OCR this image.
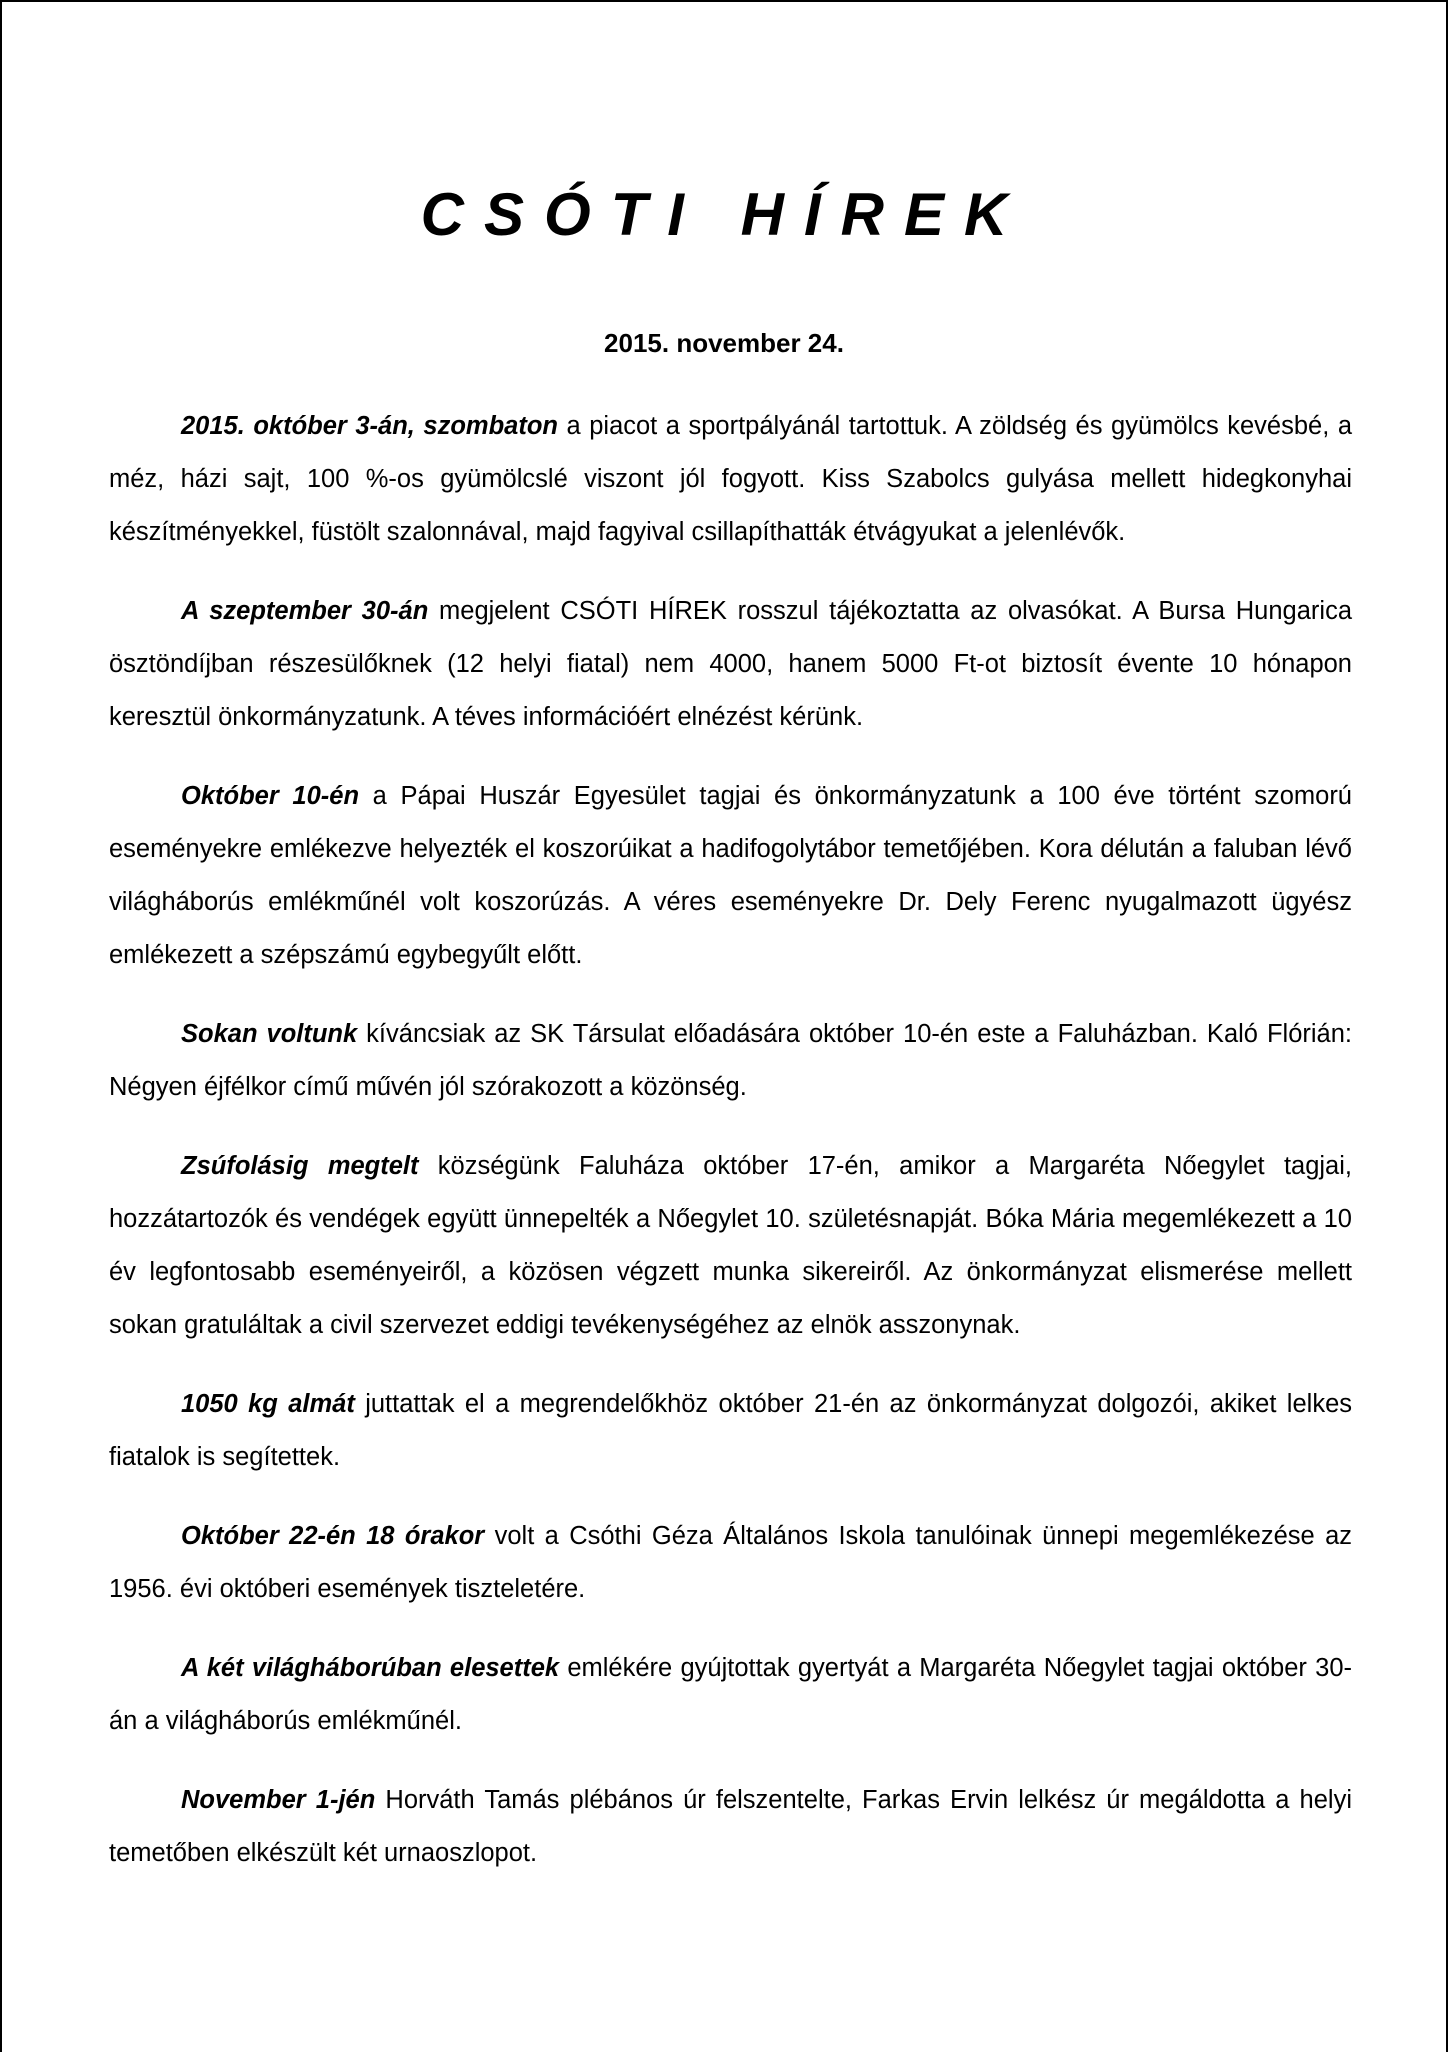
CSÓTI HÍREK
2015. november 24.

2015. október 3-án, szombaton a piacot a sportpályánál tartottuk. A zöldség és gyümölcs kevésbé, a méz, házi sajt, 100 %-os gyümölcslé viszont jól fogyott. Kiss Szabolcs gulyása mellett hidegkonyhai készítményekkel, füstölt szalonnával, majd fagyival csillapíthatták étvágyukat a jelenlévők.

A szeptember 30-án megjelent CSÓTI HÍREK rosszul tájékoztatta az olvasókat. A Bursa Hungarica ösztöndíjban részesülőknek (12 helyi fiatal) nem 4000, hanem 5000 Ft-ot biztosít évente 10 hónapon keresztül önkormányzatunk. A téves információért elnézést kérünk.

Október 10-én a Pápai Huszár Egyesület tagjai és önkormányzatunk a 100 éve történt szomorú eseményekre emlékezve helyezték el koszorúikat a hadifogolytábor temetőjében. Kora délután a faluban lévő világháborús emlékműnél volt koszorúzás. A véres eseményekre Dr. Dely Ferenc nyugalmazott ügyész emlékezett a szépszámú egybegyűlt előtt.

Sokan voltunk kíváncsiak az SK Társulat előadására október 10-én este a Faluházban. Kaló Flórián: Négyen éjfélkor című művén jól szórakozott a közönség.

Zsúfolásig megtelt községünk Faluháza október 17-én, amikor a Margaréta Nőegylet tagjai, hozzátartozók és vendégek együtt ünnepelték a Nőegylet 10. születésnapját. Bóka Mária megemlékezett a 10 év legfontosabb eseményeiről, a közösen végzett munka sikereiről. Az önkormányzat elismerése mellett sokan gratuláltak a civil szervezet eddigi tevékenységéhez az elnök asszonynak.

1050 kg almát juttattak el a megrendelőkhöz október 21-én az önkormányzat dolgozói, akiket lelkes fiatalok is segítettek.

Október 22-én 18 órakor volt a Csóthi Géza Általános Iskola tanulóinak ünnepi megemlékezése az 1956. évi októberi események tiszteletére.

A két világháborúban elesettek emlékére gyújtottak gyertyát a Margaréta Nőegylet tagjai október 30-án a világháborús emlékműnél.

November 1-jén Horváth Tamás plébános úr felszentelte, Farkas Ervin lelkész úr megáldotta a helyi temetőben elkészült két urnaoszlopot.
